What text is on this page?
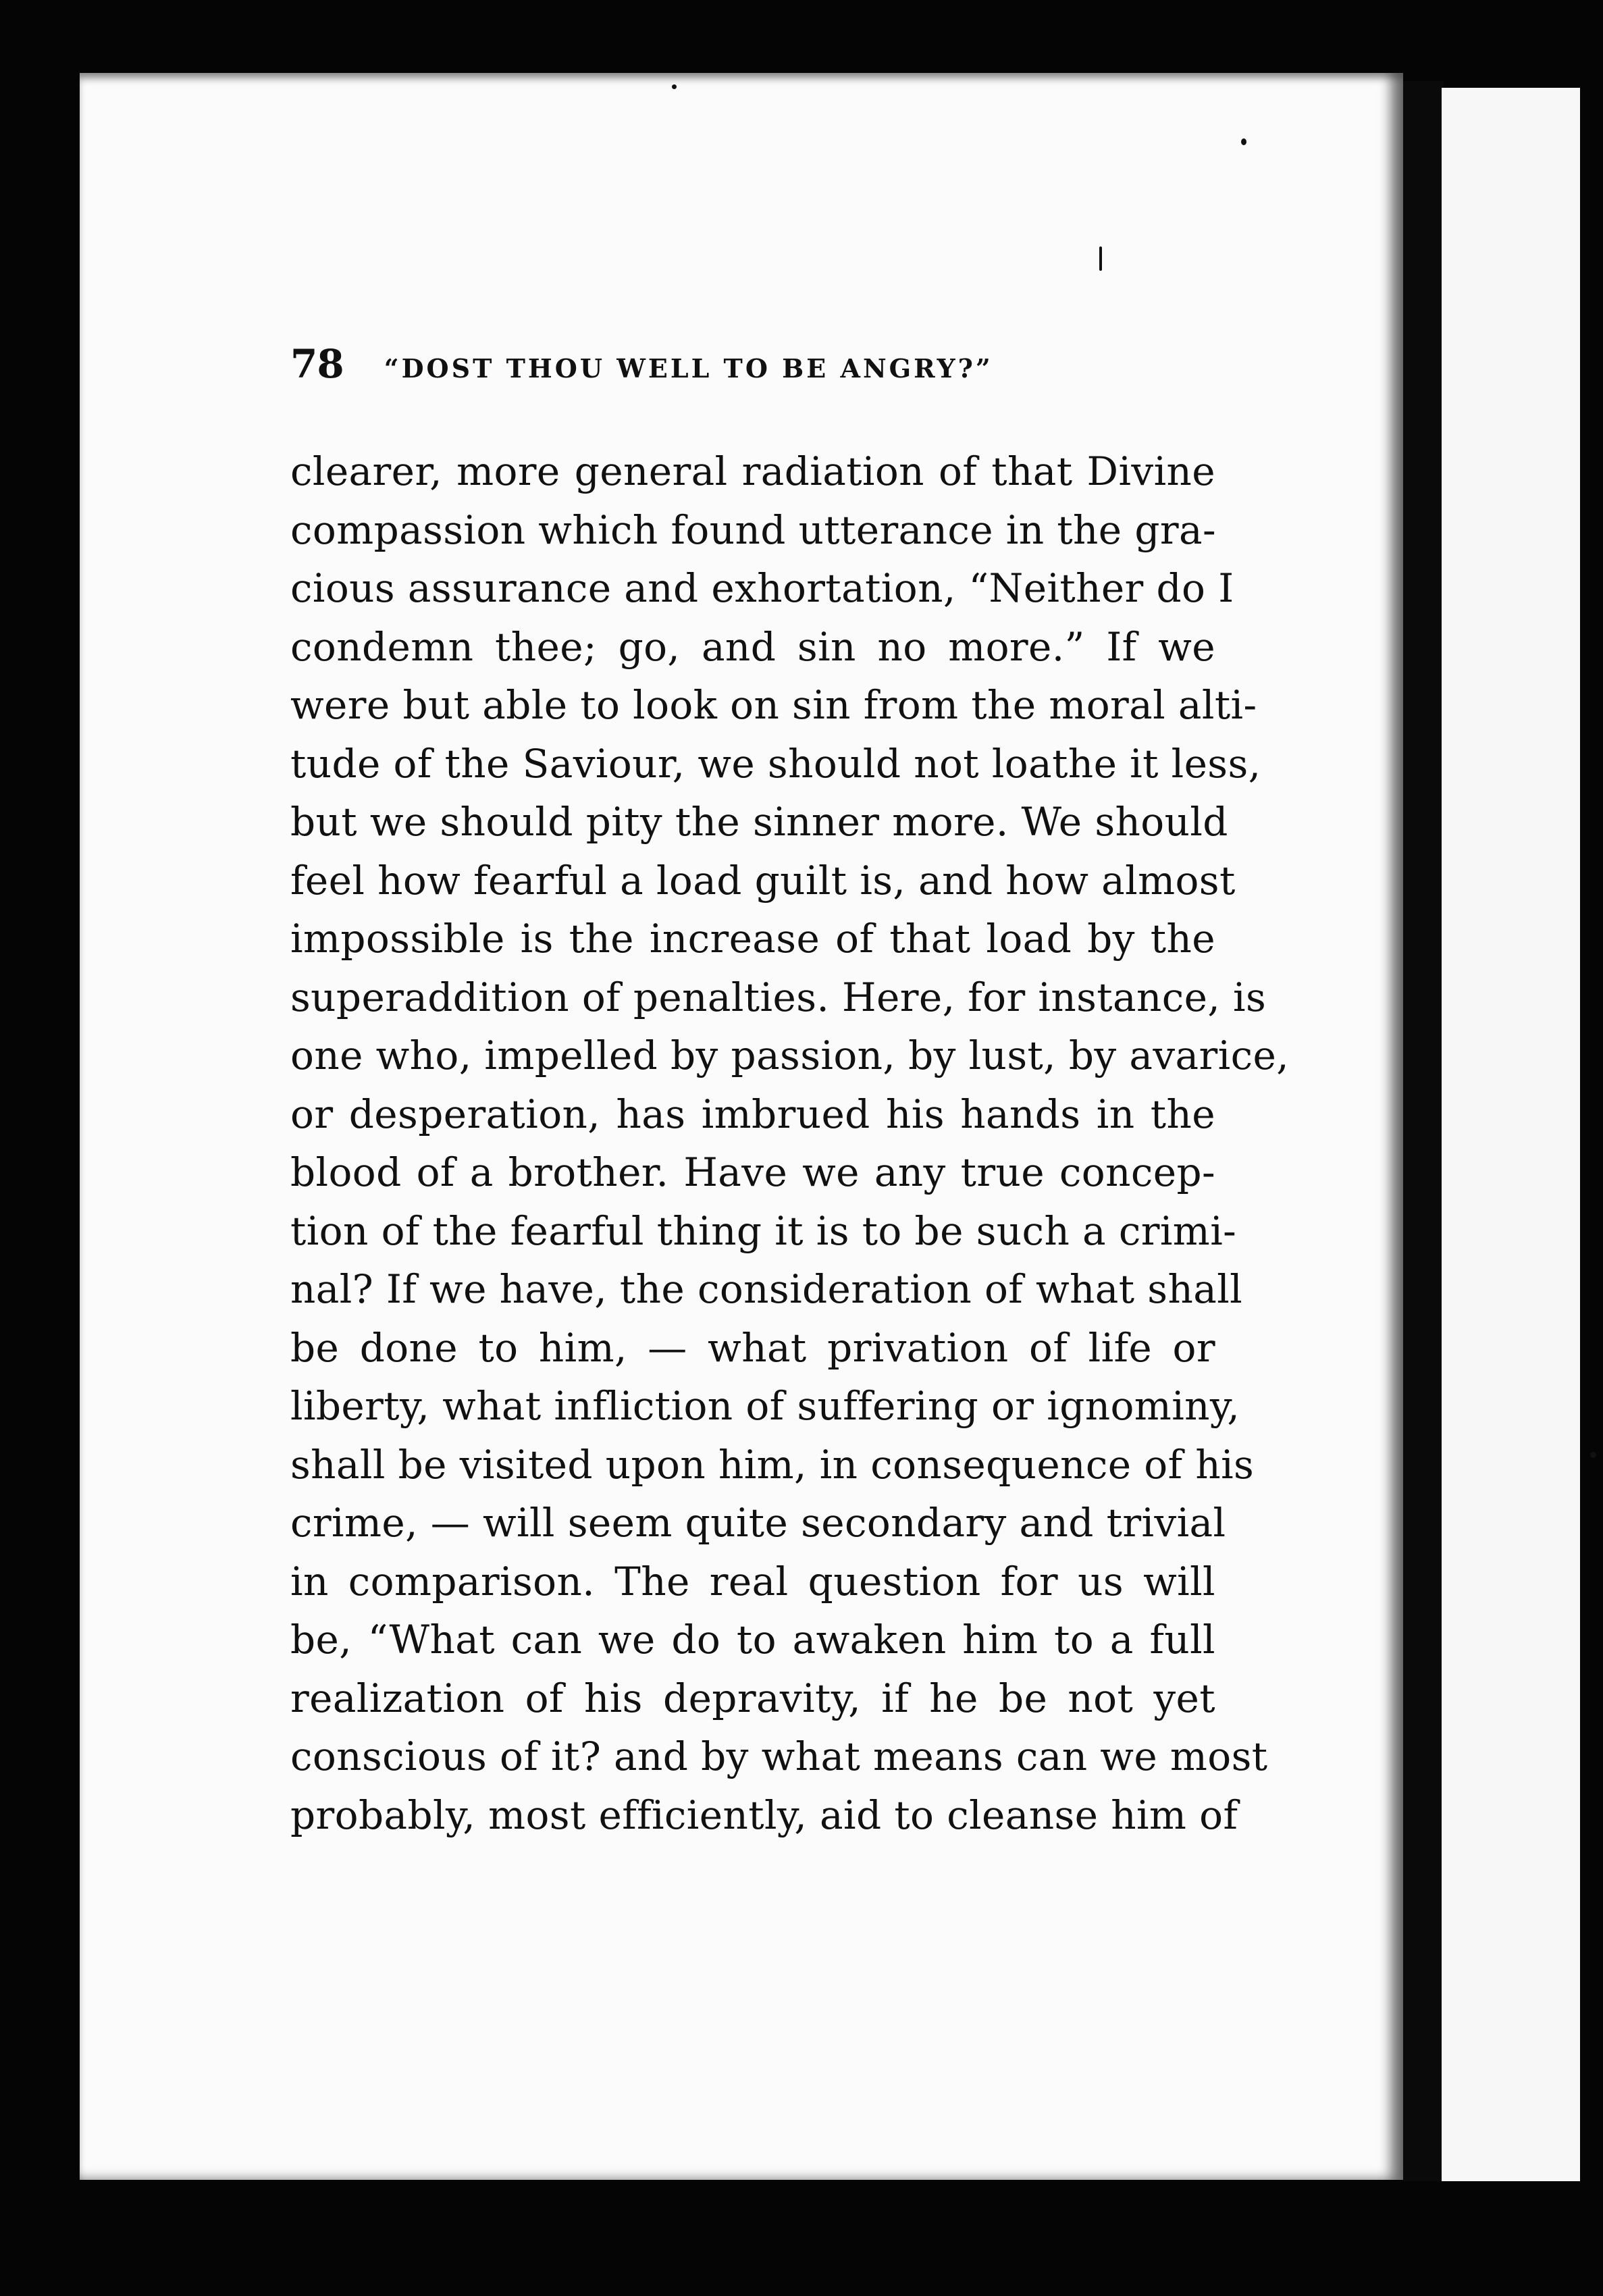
78 “DOST THOU WELL TO BE ANGRY?”
clearer, more general radiation of that Divine
compassion which found utterance in the gra-
cious assurance and exhortation, “Neither do I
condemn thee; go, and sin no more.” If we
were but able to look on sin from the moral alti-
tude of the Saviour, we should not loathe it less,
but we should pity the sinner more. We should
feel how fearful a load guilt is, and how almost
impossible is the increase of that load by the
superaddition of penalties. Here, for instance, is
one who, impelled by passion, by lust, by avarice,
or desperation, has imbrued his hands in the
blood of a brother. Have we any true concep-
tion of the fearful thing it is to be such a crimi-
nal? If we have, the consideration of what shall
be done to him, — what privation of life or
liberty, what infliction of suffering or ignominy,
shall be visited upon him, in consequence of his
crime, — will seem quite secondary and trivial
in comparison. The real question for us will
be, “What can we do to awaken him to a full
realization of his depravity, if he be not yet
conscious of it? and by what means can we most
probably, most efficiently, aid to cleanse him of
